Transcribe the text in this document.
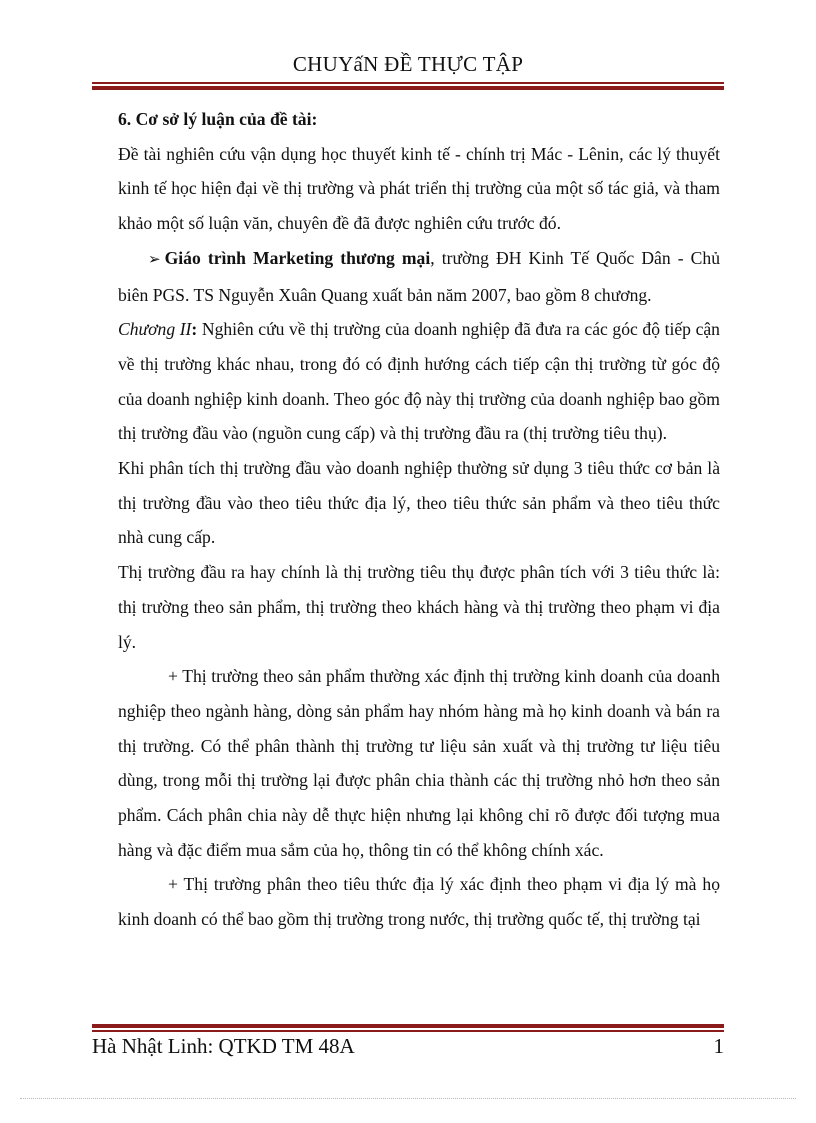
CHUYấN ĐỀ THỰC TẬP

6. Cơ sở lý luận của đề tài:

Đề tài nghiên cứu vận dụng học thuyết kinh tế - chính trị Mác - Lênin, các lý thuyết kinh tế học hiện đại về thị trường và phát triển thị trường của một số tác giả, và tham khảo một số luận văn, chuyên đề đã được nghiên cứu trước đó.

➢ Giáo trình Marketing thương mại, trường ĐH Kinh Tế Quốc Dân - Chủ biên PGS. TS Nguyễn Xuân Quang xuất bản năm 2007, bao gồm 8 chương.

Chương II: Nghiên cứu về thị trường của doanh nghiệp đã đưa ra các góc độ tiếp cận về thị trường khác nhau, trong đó có định hướng cách tiếp cận thị trường từ góc độ của doanh nghiệp kinh doanh. Theo góc độ này thị trường của doanh nghiệp bao gồm thị trường đầu vào (nguồn cung cấp) và thị trường đầu ra (thị trường tiêu thụ).

Khi phân tích thị trường đầu vào doanh nghiệp thường sử dụng 3 tiêu thức cơ bản là thị trường đầu vào theo tiêu thức địa lý, theo tiêu thức sản phẩm và theo tiêu thức nhà cung cấp.

Thị trường đầu ra hay chính là thị trường tiêu thụ được phân tích với 3 tiêu thức là: thị trường theo sản phẩm, thị trường theo khách hàng và thị trường theo phạm vi địa lý.

+ Thị trường theo sản phẩm thường xác định thị trường kinh doanh của doanh nghiệp theo ngành hàng, dòng sản phẩm hay nhóm hàng mà họ kinh doanh và bán ra thị trường. Có thể phân thành thị trường tư liệu sản xuất và thị trường tư liệu tiêu dùng, trong mỗi thị trường lại được phân chia thành các thị trường nhỏ hơn theo sản phẩm. Cách phân chia này dễ thực hiện nhưng lại không chỉ rõ được đối tượng mua hàng và đặc điểm mua sắm của họ, thông tin có thể không chính xác.

+ Thị trường phân theo tiêu thức địa lý xác định theo phạm vi địa lý mà họ kinh doanh có thể bao gồm thị trường trong nước, thị trường quốc tế, thị trường tại

Hà Nhật Linh: QTKD TM 48A	1
